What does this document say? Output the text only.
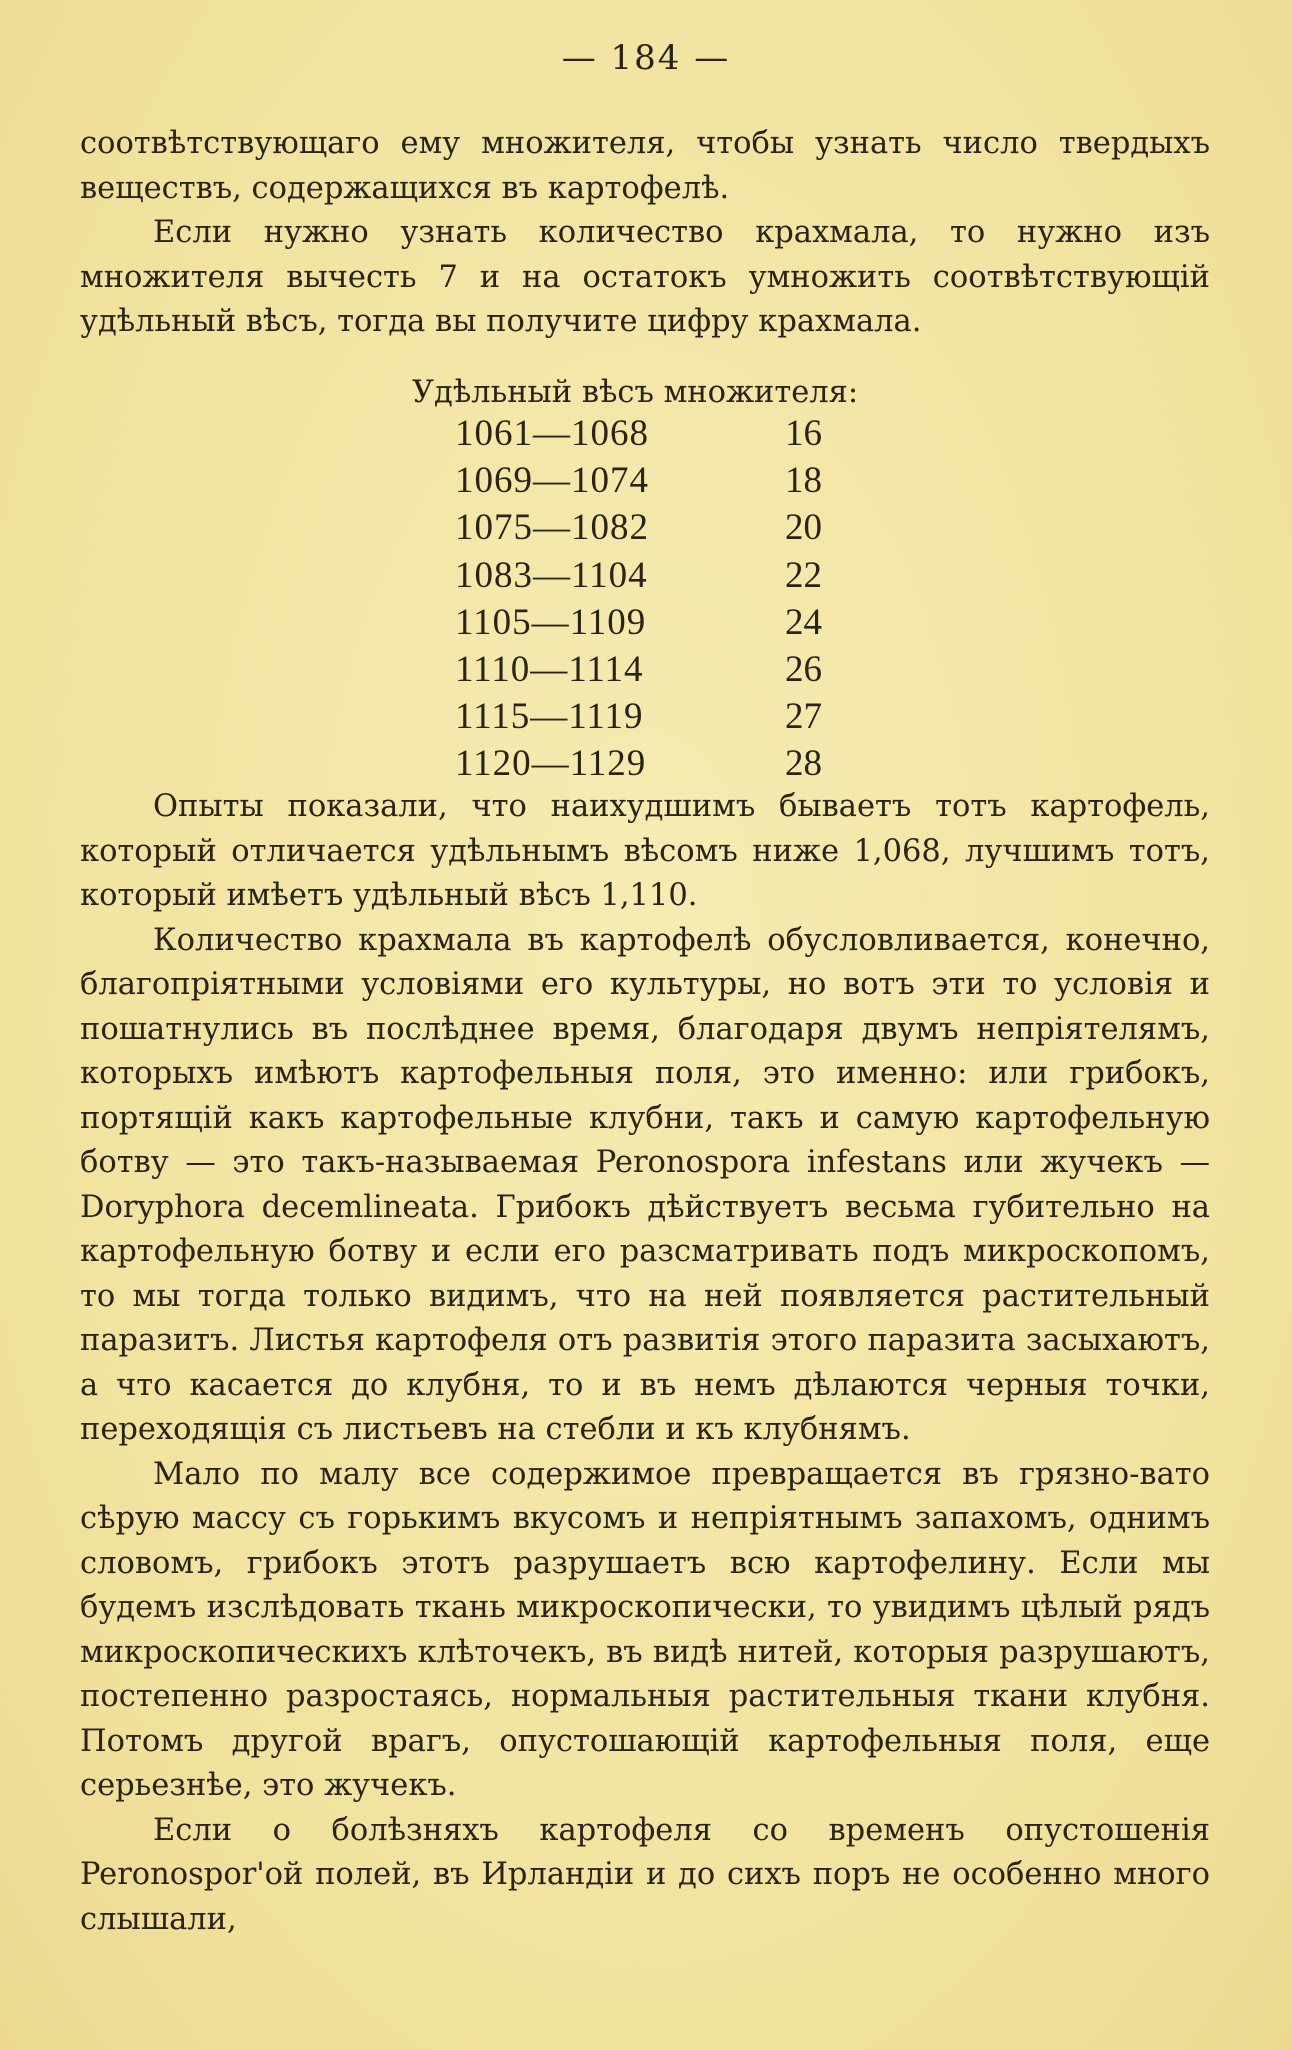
— 184 —

соотвѣтствующаго ему множителя, чтобы узнать число твердыхъ веществъ, содержащихся въ картофелѣ.

Если нужно узнать количество крахмала, то нужно изъ множителя вычесть 7 и на остатокъ умножить соотвѣтствующій удѣльный вѣсъ, тогда вы получите цифру крахмала.

Удѣльный вѣсъ множителя:
1061—1068	16
1069—1074	18
1075—1082	20
1083—1104	22
1105—1109	24
1110—1114	26
1115—1119	27
1120—1129	28

Опыты показали, что наихудшимъ бываетъ тотъ картофель, который отличается удѣльнымъ вѣсомъ ниже 1,068, лучшимъ тотъ, который имѣетъ удѣльный вѣсъ 1,110.

Количество крахмала въ картофелѣ обусловливается, конечно, благопріятными условіями его культуры, но вотъ эти то условія и пошатнулись въ послѣднее время, благодаря двумъ непріятелямъ, которыхъ имѣютъ картофельныя поля, это именно: или грибокъ, портящій какъ картофельные клубни, такъ и самую картофельную ботву — это такъ-называемая Peronospora infestans или жучекъ — Doryphora decemlineata. Грибокъ дѣйствуетъ весьма губительно на картофельную ботву и если его разсматривать подъ микроскопомъ, то мы тогда только видимъ, что на ней появляется растительный паразитъ. Листья картофеля отъ развитія этого паразита засыхаютъ, а что касается до клубня, то и въ немъ дѣлаются черныя точки, переходящія съ листьевъ на стебли и къ клубнямъ.

Мало по малу все содержимое превращается въ грязно-вато сѣрую массу съ горькимъ вкусомъ и непріятнымъ запахомъ, однимъ словомъ, грибокъ этотъ разрушаетъ всю картофелину. Если мы будемъ изслѣдовать ткань микроскопически, то увидимъ цѣлый рядъ микроскопическихъ клѣточекъ, въ видѣ нитей, которыя разрушаютъ, постепенно разростаясь, нормальныя растительныя ткани клубня. Потомъ другой врагъ, опустошающій картофельныя поля, еще серьезнѣе, это жучекъ.

Если о болѣзняхъ картофеля со временъ опустошенія Peronospor'ой полей, въ Ирландіи и до сихъ поръ не особенно много слышали,
